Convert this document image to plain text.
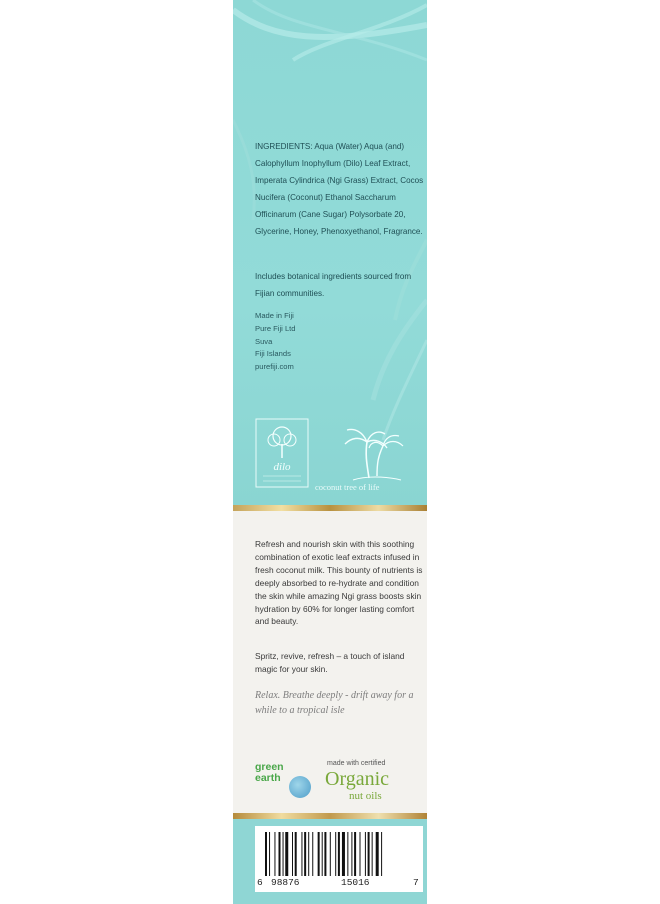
INGREDIENTS: Aqua (Water) Aqua (and) Calophyllum Inophyllum (Dilo) Leaf Extract, Imperata Cylindrica (Ngi Grass) Extract, Cocos Nucifera (Coconut) Ethanol Saccharum Officinarum (Cane Sugar) Polysorbate 20, Glycerine, Honey, Phenoxyethanol, Fragrance.
Includes botanical ingredients sourced from Fijian communities.
Made in Fiji
Pure Fiji Ltd
Suva
Fiji Islands
purefiji.com
dilo
coconut tree of life
Refresh and nourish skin with this soothing combination of exotic leaf extracts infused in fresh coconut milk. This bounty of nutrients is deeply absorbed to re-hydrate and condition the skin while amazing Ngi grass boosts skin hydration by 60% for longer lasting comfort and beauty.
Spritz, revive, refresh – a touch of island magic for your skin.
Relax. Breathe deeply - drift away for a while to a tropical isle
green
earth
made with certified
Organic
nut oils
6 98876	15016	7
